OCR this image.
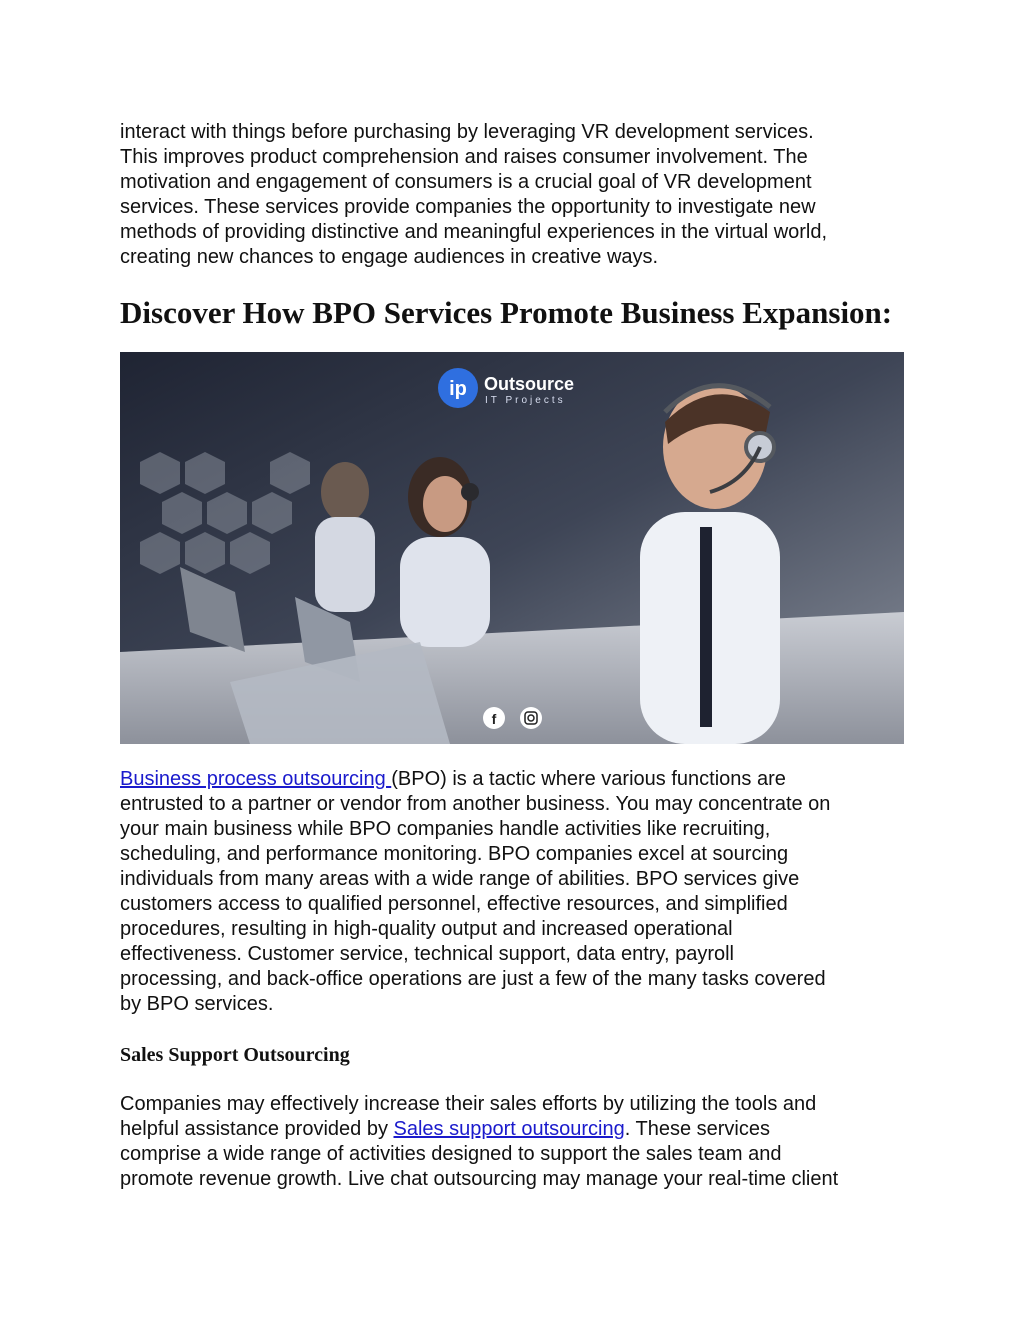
interact with things before purchasing by leveraging VR development services.
This improves product comprehension and raises consumer involvement. The
motivation and engagement of consumers is a crucial goal of VR development
services. These services provide companies the opportunity to investigate new
methods of providing distinctive and meaningful experiences in the virtual world,
creating new chances to engage audiences in creative ways.

Discover How BPO Services Promote Business Expansion:
ip Outsource
IT Projects
f

Business process outsourcing (BPO) is a tactic where various functions are
entrusted to a partner or vendor from another business. You may concentrate on
your main business while BPO companies handle activities like recruiting,
scheduling, and performance monitoring. BPO companies excel at sourcing
individuals from many areas with a wide range of abilities. BPO services give
customers access to qualified personnel, effective resources, and simplified
procedures, resulting in high-quality output and increased operational
effectiveness. Customer service, technical support, data entry, payroll
processing, and back-office operations are just a few of the many tasks covered
by BPO services.

Sales Support Outsourcing

Companies may effectively increase their sales efforts by utilizing the tools and
helpful assistance provided by Sales support outsourcing. These services
comprise a wide range of activities designed to support the sales team and
promote revenue growth. Live chat outsourcing may manage your real-time client
